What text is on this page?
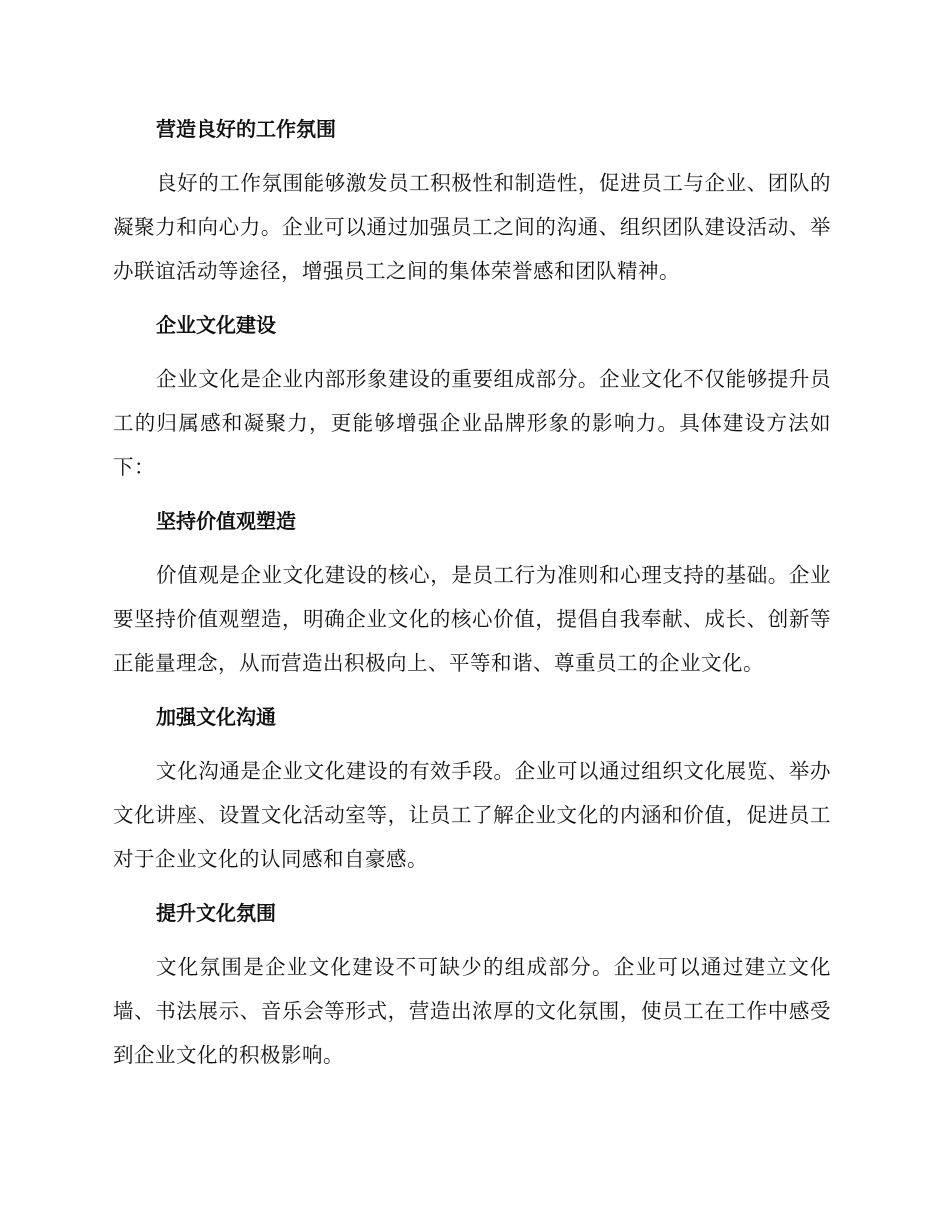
营造良好的工作氛围

良好的工作氛围能够激发员工积极性和制造性，促进员工与企业、团队的凝聚力和向心力。企业可以通过加强员工之间的沟通、组织团队建设活动、举办联谊活动等途径，增强员工之间的集体荣誉感和团队精神。

企业文化建设

企业文化是企业内部形象建设的重要组成部分。企业文化不仅能够提升员工的归属感和凝聚力，更能够增强企业品牌形象的影响力。具体建设方法如下：

坚持价值观塑造

价值观是企业文化建设的核心，是员工行为准则和心理支持的基础。企业要坚持价值观塑造，明确企业文化的核心价值，提倡自我奉献、成长、创新等正能量理念，从而营造出积极向上、平等和谐、尊重员工的企业文化。

加强文化沟通

文化沟通是企业文化建设的有效手段。企业可以通过组织文化展览、举办文化讲座、设置文化活动室等，让员工了解企业文化的内涵和价值，促进员工对于企业文化的认同感和自豪感。

提升文化氛围

文化氛围是企业文化建设不可缺少的组成部分。企业可以通过建立文化墙、书法展示、音乐会等形式，营造出浓厚的文化氛围，使员工在工作中感受到企业文化的积极影响。
